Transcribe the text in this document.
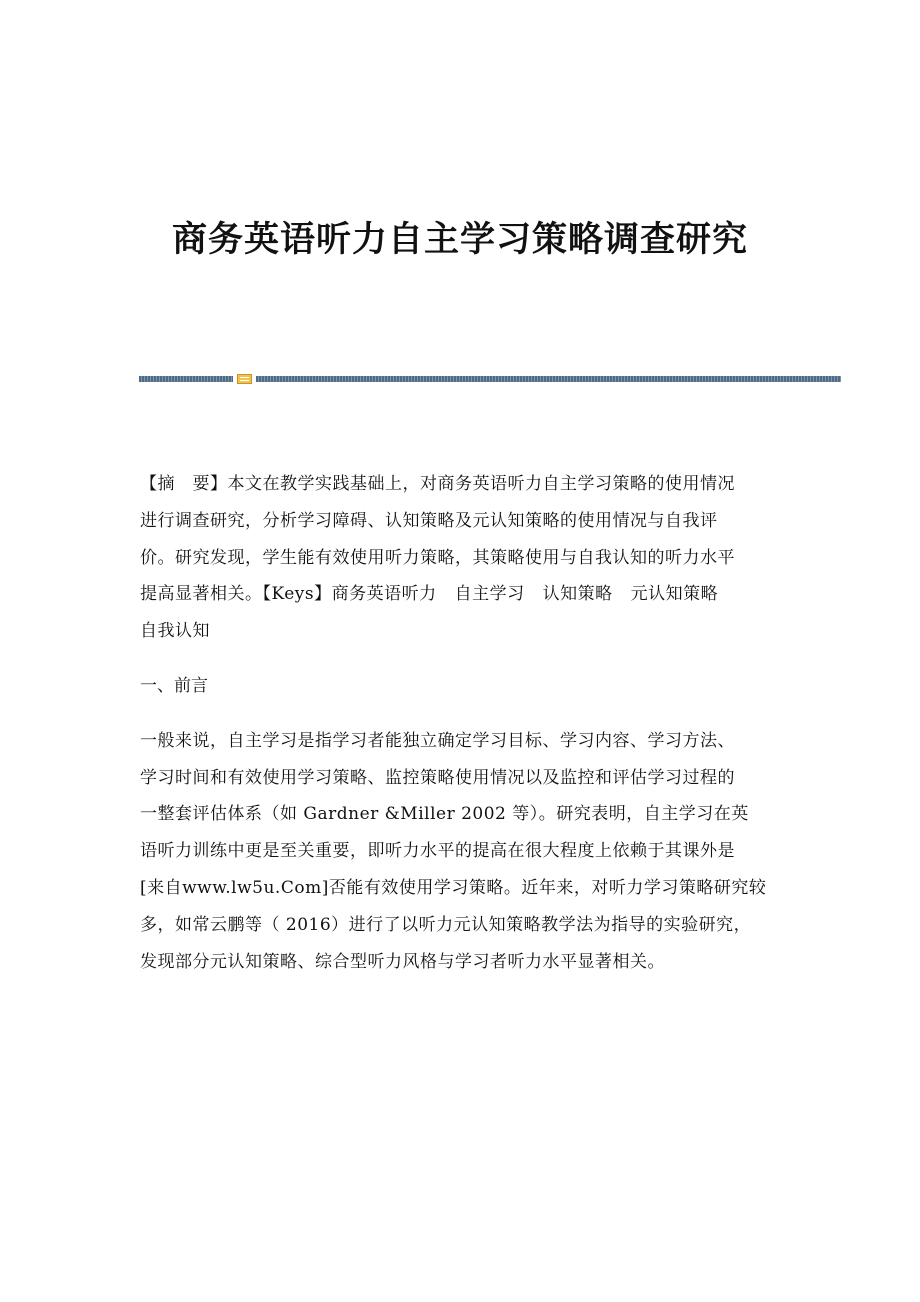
商务英语听力自主学习策略调查研究
【摘　要】本文在教学实践基础上，对商务英语听力自主学习策略的使用情况
进行调查研究，分析学习障碍、认知策略及元认知策略的使用情况与自我评
价。研究发现，学生能有效使用听力策略，其策略使用与自我认知的听力水平
提高显著相关。【Keys】商务英语听力 自主学习 认知策略 元认知策略
自我认知

一、前言

一般来说，自主学习是指学习者能独立确定学习目标、学习内容、学习方法、
学习时间和有效使用学习策略、监控策略使用情况以及监控和评估学习过程的
一整套评估体系（如 Gardner &Miller 2002 等）。研究表明，自主学习在英
语听力训练中更是至关重要，即听力水平的提高在很大程度上依赖于其课外是
[来自www.lw5u.Com]否能有效使用学习策略。近年来，对听力学习策略研究较
多，如常云鹏等（ 2016）进行了以听力元认知策略教学法为指导的实验研究，
发现部分元认知策略、综合型听力风格与学习者听力水平显著相关。
